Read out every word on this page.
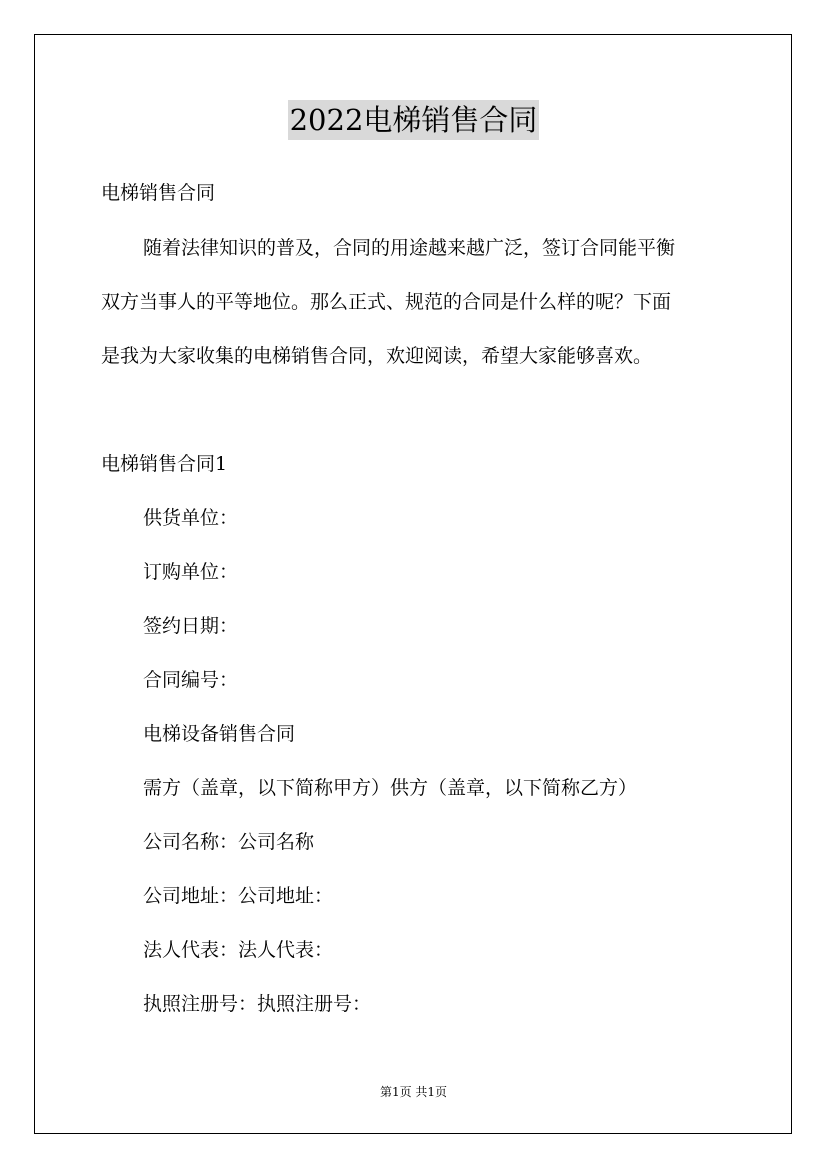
2022电梯销售合同
电梯销售合同
随着法律知识的普及，合同的用途越来越广泛，签订合同能平衡
双方当事人的平等地位。那么正式、规范的合同是什么样的呢？下面
是我为大家收集的电梯销售合同，欢迎阅读，希望大家能够喜欢。
电梯销售合同1
供货单位：
订购单位：
签约日期：
合同编号：
电梯设备销售合同
需方（盖章，以下简称甲方）供方（盖章，以下简称乙方）
公司名称：公司名称
公司地址：公司地址：
法人代表：法人代表：
执照注册号：执照注册号：
第1页 共1页
